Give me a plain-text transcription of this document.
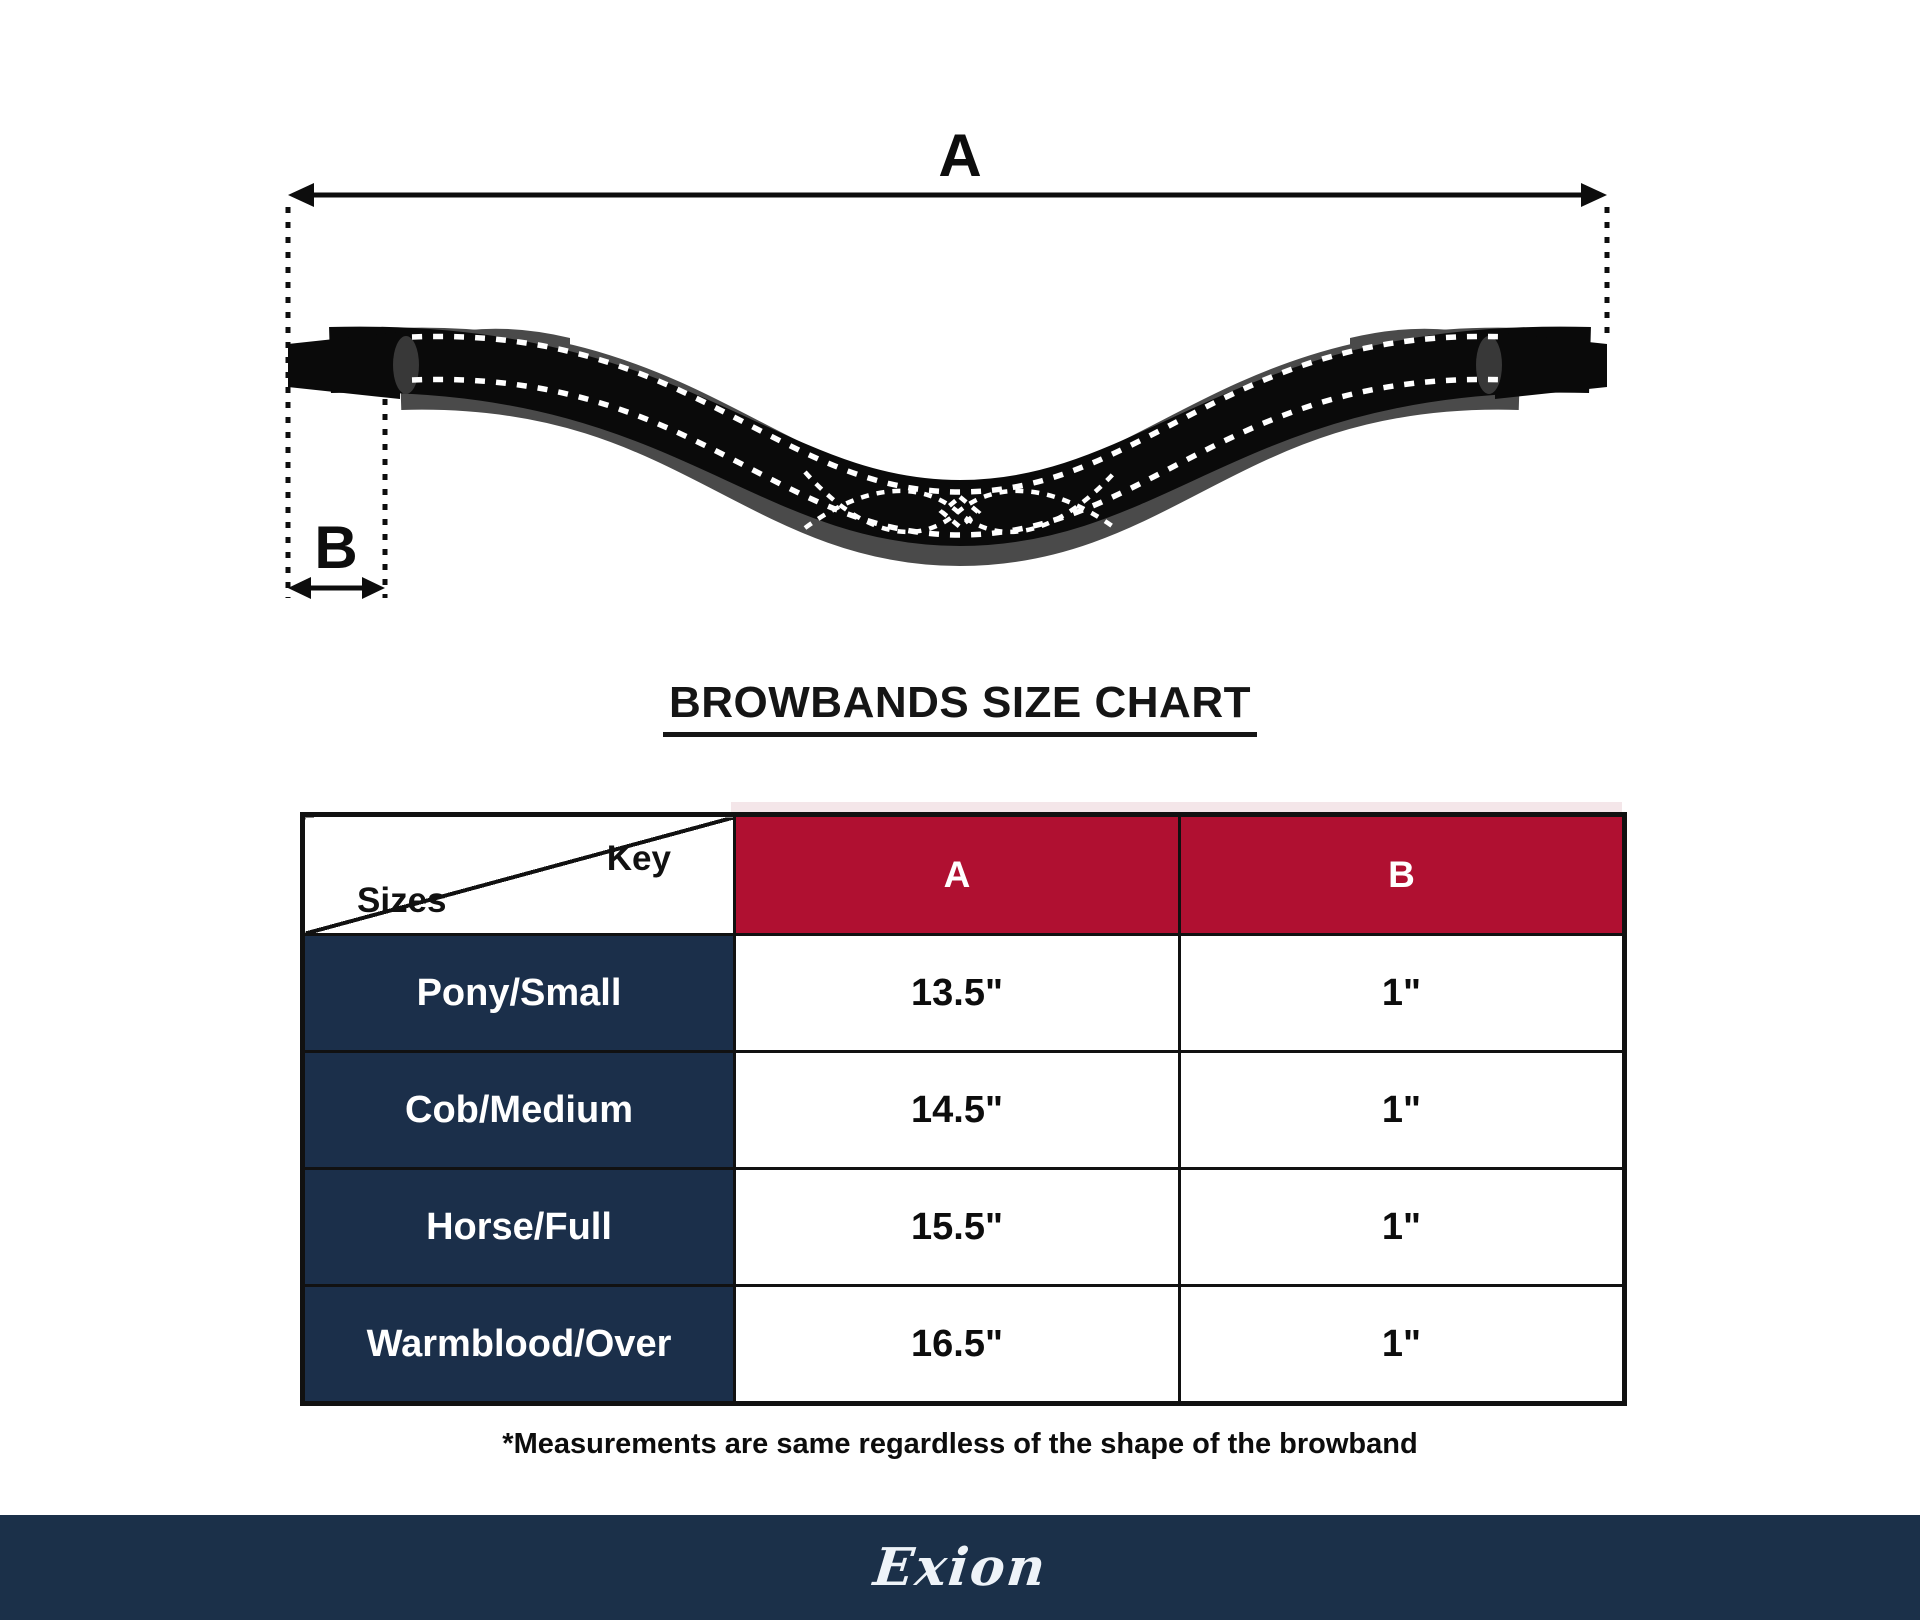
A
B
BROWBANDS SIZE CHART
Key
Sizes	A	B
Pony/Small	13.5"	1"
Cob/Medium	14.5"	1"
Horse/Full	15.5"	1"
Warmblood/Over	16.5"	1"
*Measurements are same regardless of the shape of the browband
Exion
